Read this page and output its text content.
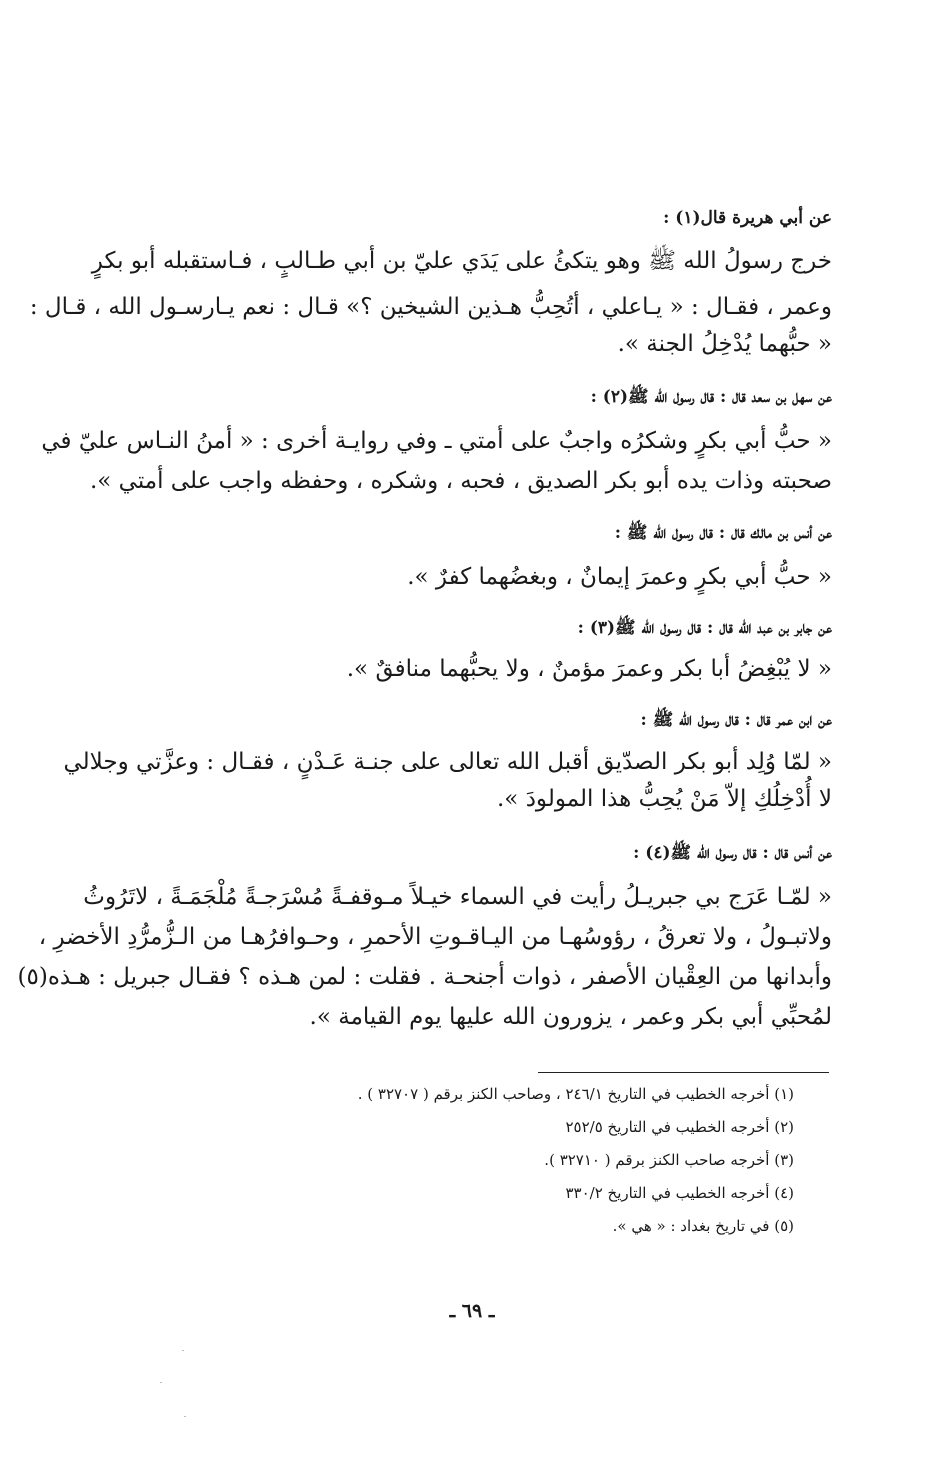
عن أبي هريرة قال(١) :
خرج رسولُ الله ﷺ وهو يتكئُ على يَدَي عليّ بن أبي طـالبٍ ، فـاستقبله أبو بكرٍ
وعمر ، فقـال : « يـاعلي ، أتُحِبُّ هـذين الشيخين ؟» قـال : نعم يـارسـول الله ، قـال :
« حبُّهما يُدْخِلُ الجنة ».
عن سهل بن سعد قال : قال رسول الله ﷺ(٢) :
« حبُّ أبي بكرٍ وشكرُه واجبٌ على أمتي ـ وفي روايـة أخرى : « أمنُ النـاس عليّ في
صحبته وذات يده أبو بكر الصديق ، فحبه ، وشكره ، وحفظه واجب على أمتي ».
عن أنس بن مالك قال : قال رسول الله ﷺ :
« حبُّ أبي بكرٍ وعمرَ إيمانٌ ، وبغضُهما كفرٌ ».
عن جابر بن عبد الله قال : قال رسول الله ﷺ(٣) :
« لا يُبْغِضُ أبا بكر وعمرَ مؤمنٌ ، ولا يحبُّهما منافقٌ ».
عن ابن عمر قال : قال رسول الله ﷺ :
« لمّا وُلِد أبو بكر الصدّيق أقبل الله تعالى على جنـة عَـدْنٍ ، فقـال : وعزَّتي وجلالي
لا أُدْخِلُكِ إلاّ مَنْ يُحِبُّ هذا المولودَ ».
عن أنس قال : قال رسول الله ﷺ(٤) :
« لمّـا عَرَج بي جبريـلُ رأيت في السماء خيـلاً مـوقفـةً مُسْرَجـةً مُلْجَمَـةً ، لاتَرُوثُ
ولاتبـولُ ، ولا تعرقُ ، رؤوسُهـا من اليـاقـوتِ الأحمرِ ، وحـوافرُهـا من الـزُّمرُّدِ الأخضرِ ،
وأبدانها من العِقْيان الأصفر ، ذوات أجنحـة . فقلت : لمن هـذه ؟ فقـال جبريل : هـذه(٥)
لمُحبِّي أبي بكر وعمر ، يزورون الله عليها يوم القيامة ».
(١) أخرجه الخطيب في التاريخ ٢٤٦/١ ، وصاحب الكنز برقم ( ٣٢٧٠٧ ) .
(٢) أخرجه الخطيب في التاريخ ٢٥٢/٥
(٣) أخرجه صاحب الكنز برقم ( ٣٢٧١٠ ).
(٤) أخرجه الخطيب في التاريخ ٣٣٠/٢
(٥) في تاريخ بغداد : « هي ».
ـ ٦٩ ـ
